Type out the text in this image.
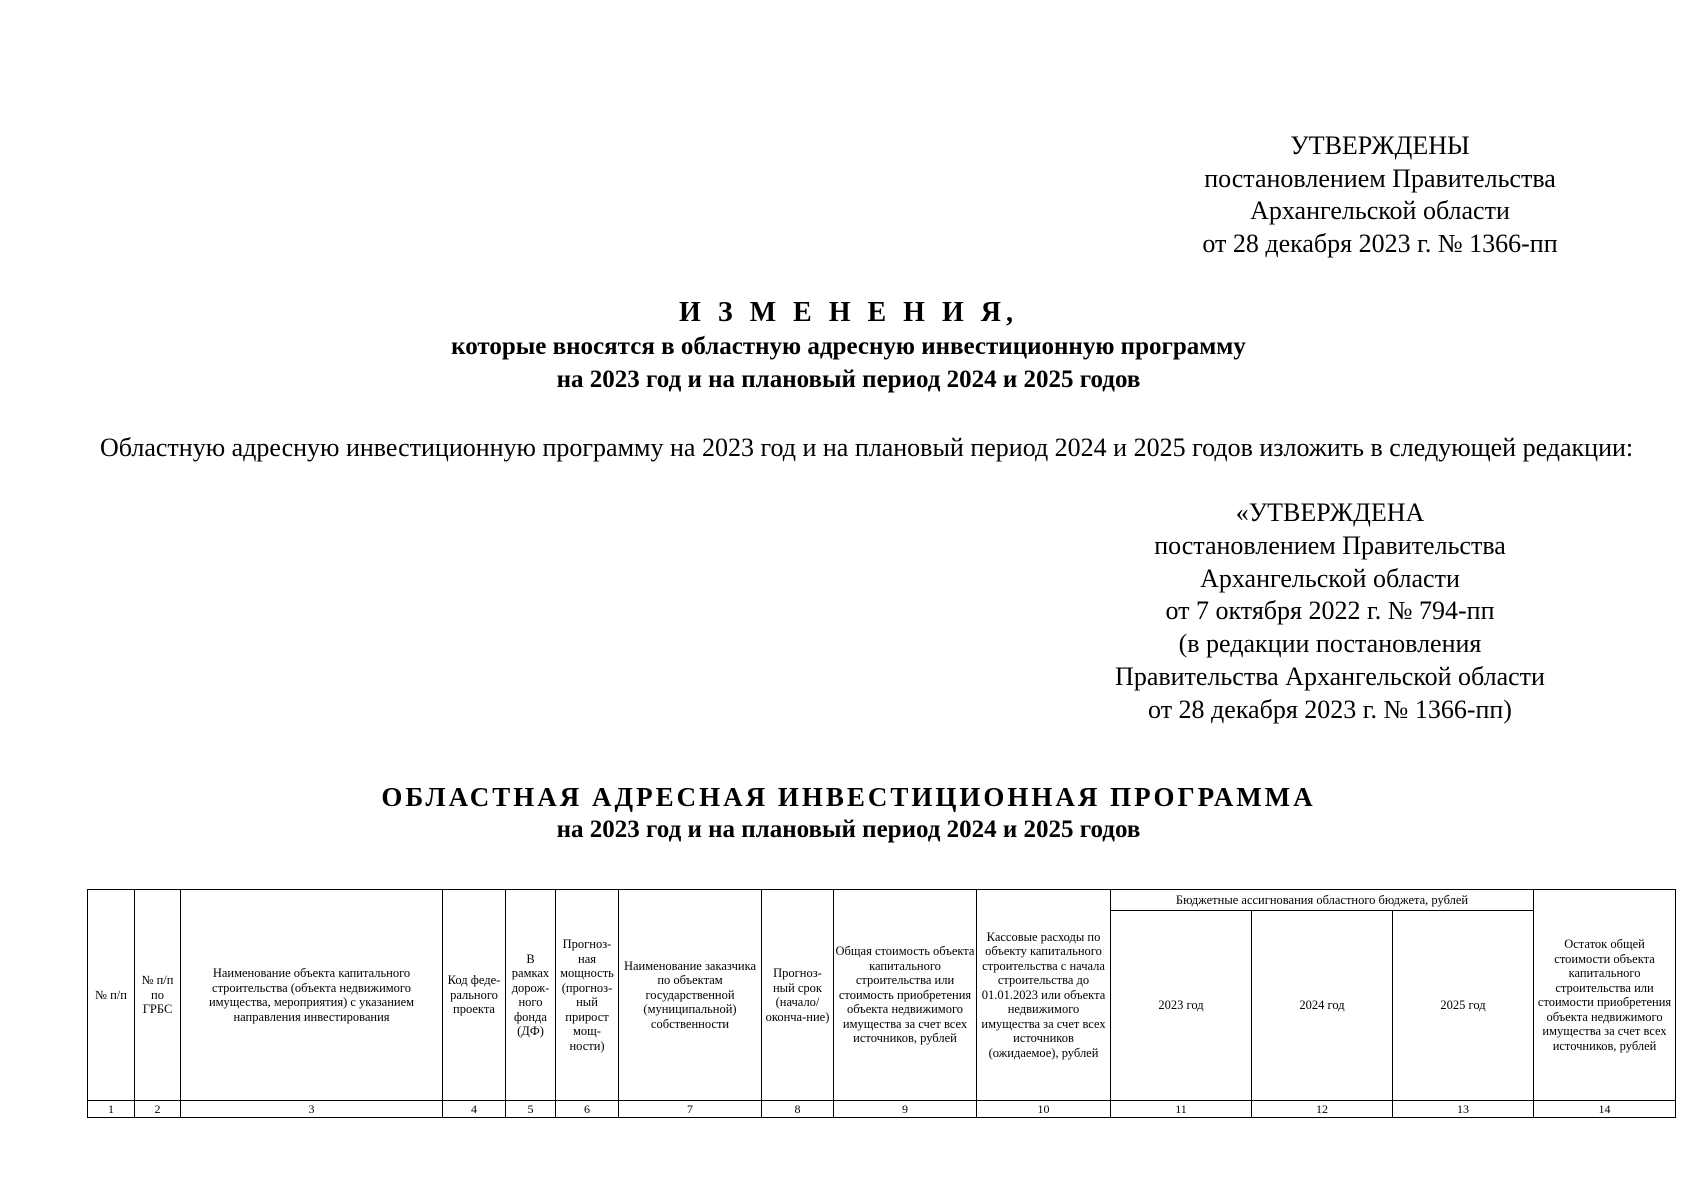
УТВЕРЖДЕНЫ
постановлением Правительства
Архангельской области
от 28 декабря 2023 г. № 1366-пп
И З М Е Н Е Н И Я,
которые вносятся в областную адресную инвестиционную программу
на 2023 год и на плановый период 2024 и 2025 годов
Областную адресную инвестиционную программу на 2023 год и на плановый период 2024 и 2025 годов изложить в следующей редакции:
«УТВЕРЖДЕНА
постановлением Правительства
Архангельской области
от 7 октября 2022 г. № 794-пп
(в редакции постановления
Правительства Архангельской области
от 28 декабря 2023 г. № 1366-пп)
ОБЛАСТНАЯ АДРЕСНАЯ ИНВЕСТИЦИОННАЯ ПРОГРАММА
на 2023 год и на плановый период 2024 и 2025 годов
№ п/п	№ п/п по ГРБС	Наименование объекта капитального строительства (объекта недвижимого имущества, мероприятия) с указанием направления инвестирования	Код феде-рального проекта	В рамках дорож-ного фонда (ДФ)	Прогноз-ная мощность (прогноз-ный прирост мощ-ности)	Наименование заказчика по объектам государственной (муниципальной) собственности	Прогноз-ный срок (начало/ оконча-ние)	Общая стоимость объекта капитального строительства или стоимость приобретения объекта недвижимого имущества за счет всех источников, рублей	Кассовые расходы по объекту капитального строительства с начала строительства до 01.01.2023 или объекта недвижимого имущества за счет всех источников (ожидаемое), рублей	Бюджетные ассигнования областного бюджета, рублей			Остаток общей стоимости объекта капитального строительства или стоимости приобретения объекта недвижимого имущества за счет всех источников, рублей
										2023 год	2024 год	2025 год	
1	2	3	4	5	6	7	8	9	10	11	12	13	14
